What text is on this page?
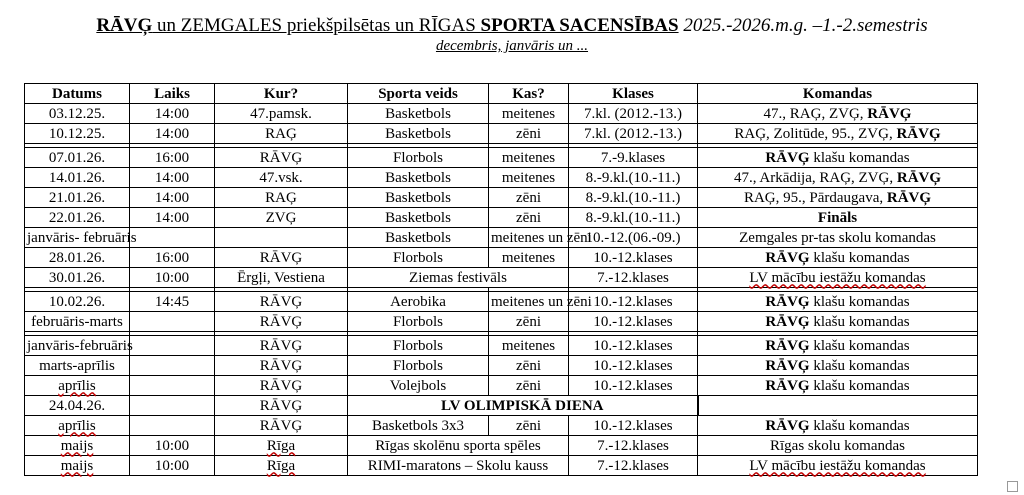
RĀVĢ un ZEMGALES priekšpilsētas un RĪGAS SPORTA SACENSĪBAS 2025.-2026.m.g. –1.-2.semestris
decembris, janvāris un ...
Datums	Laiks	Kur?	Sporta veids	Kas?	Klases	Komandas
03.12.25.	14:00	47.pamsk.	Basketbols	meitenes	7.kl. (2012.-13.)	47., RAĢ, ZVĢ, RĀVĢ
10.12.25.	14:00	RAĢ	Basketbols	zēni	7.kl. (2012.-13.)	RAĢ, Zolitūde, 95., ZVĢ, RĀVĢ

07.01.26.	16:00	RĀVĢ	Florbols	meitenes	7.-9.klases	RĀVĢ klašu komandas
14.01.26.	14:00	47.vsk.	Basketbols	meitenes	8.-9.kl.(10.-11.)	47., Arkādija, RAĢ, ZVĢ, RĀVĢ
21.01.26.	14:00	RAĢ	Basketbols	zēni	8.-9.kl.(10.-11.)	RAĢ, 95., Pārdaugava, RĀVĢ
22.01.26.	14:00	ZVĢ	Basketbols	zēni	8.-9.kl.(10.-11.)	Fināls
janvāris- februāris			Basketbols	meitenes un zēni	10.-12.(06.-09.)	Zemgales pr-tas skolu komandas
28.01.26.	16:00	RĀVĢ	Florbols	meitenes	10.-12.klases	RĀVĢ klašu komandas
30.01.26.	10:00	Ērgļi, Vestiena	Ziemas festivāls		7.-12.klases	LV mācību iestāžu komandas

10.02.26.	14:45	RĀVĢ	Aerobika	meitenes un zēni	10.-12.klases	RĀVĢ klašu komandas
februāris-marts		RĀVĢ	Florbols	zēni	10.-12.klases	RĀVĢ klašu komandas

janvāris-februāris		RĀVĢ	Florbols	meitenes	10.-12.klases	RĀVĢ klašu komandas
marts-aprīlis		RĀVĢ	Florbols	zēni	10.-12.klases	RĀVĢ klašu komandas
aprīlis		RĀVĢ	Volejbols	zēni	10.-12.klases	RĀVĢ klašu komandas
24.04.26.		RĀVĢ	LV OLIMPISKĀ DIENA			
aprīlis		RĀVĢ	Basketbols 3x3	zēni	10.-12.klases	RĀVĢ klašu komandas
maijs	10:00	Rīga	Rīgas skolēnu sporta spēles		7.-12.klases	Rīgas skolu komandas
maijs	10:00	Rīga	RIMI-maratons – Skolu kauss		7.-12.klases	LV mācību iestāžu komandas
